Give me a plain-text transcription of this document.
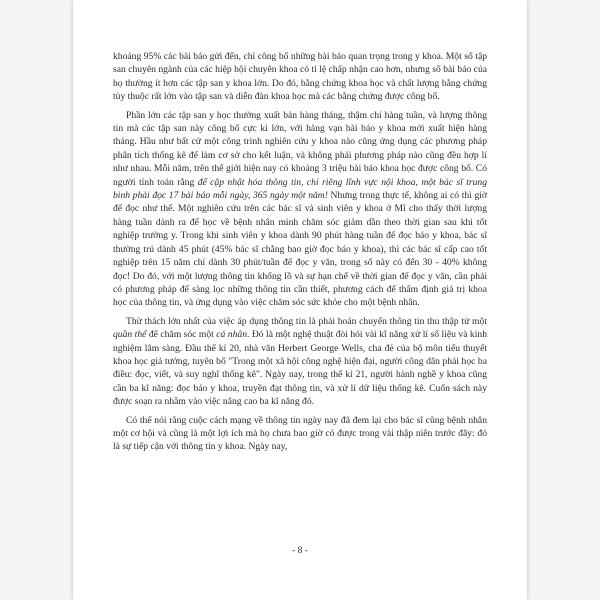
khoảng 95% các bài báo gửi đến, chỉ công bố những bài báo quan trọng trong y khoa. Một số tập san chuyên ngành của các hiệp hội chuyên khoa có tỉ lệ chấp nhận cao hơn, nhưng số bài báo của họ thường ít hơn các tập san y khoa lớn. Do đó, bằng chứng khoa học và chất lượng bằng chứng tùy thuộc rất lớn vào tập san và diễn đàn khoa học mà các bằng chứng được công bố.

Phần lớn các tập san y học thường xuất bản hàng tháng, thậm chí hàng tuần, và lượng thông tin mà các tập san này công bố cực kì lớn, với hàng vạn bài báo y khoa mới xuất hiện hàng tháng. Hầu như bất cứ một công trình nghiên cứu y khoa nào cũng ứng dụng các phương pháp phân tích thống kê để làm cơ sở cho kết luận, và không phải phương pháp nào cũng đều hợp lí như nhau. Mỗi năm, trên thế giới hiện nay có khoảng 3 triệu bài báo khoa học được công bố. Có người tính toán rằng để cập nhật hóa thông tin, chỉ riêng lĩnh vực nội khoa, một bác sĩ trung bình phải đọc 17 bài báo mỗi ngày, 365 ngày một năm! Nhưng trong thực tế, không ai có thì giờ để đọc như thế. Một nghiên cứu trên các bác sĩ và sinh viên y khoa ở Mĩ cho thấy thời lượng hàng tuần dành ra để học về bệnh nhân mình chăm sóc giảm dần theo thời gian sau khi tốt nghiệp trường y. Trong khi sinh viên y khoa dành 90 phút hàng tuần để đọc báo y khoa, bác sĩ thường trú dành 45 phút (45% bác sĩ chẳng bao giờ đọc báo y khoa), thì các bác sĩ cấp cao tốt nghiệp trên 15 năm chỉ dành 30 phút/tuần để đọc y văn, trong số này có đến 30 - 40% không đọc! Do đó, với một lượng thông tin khổng lồ và sự hạn chế về thời gian để đọc y văn, cần phải có phương pháp để sàng lọc những thông tin cần thiết, phương cách để thẩm định giá trị khoa học của thông tin, và ứng dụng vào việc chăm sóc sức khỏe cho một bệnh nhân.

Thử thách lớn nhất của việc áp dụng thông tin là phải hoán chuyển thông tin thu thập từ một quần thể để chăm sóc một cá nhân. Đó là một nghệ thuật đòi hỏi vài kĩ năng xử lí số liệu và kinh nghiệm lâm sàng. Đầu thế kỉ 20, nhà văn Herbert George Wells, cha đẻ của bộ môn tiểu thuyết khoa học giả tưởng, tuyên bố "Trong một xã hội công nghệ hiện đại, người công dân phải học ba điều: đọc, viết, và suy nghĩ thống kê". Ngày nay, trong thế kỉ 21, người hành nghề y khoa cũng cần ba kĩ năng: đọc báo y khoa, truyền đạt thông tin, và xử lí dữ liệu thống kê. Cuốn sách này được soạn ra nhằm vào việc nâng cao ba kĩ năng đó.

Có thể nói rằng cuộc cách mạng về thông tin ngày nay đã đem lại cho bác sĩ cũng bệnh nhân một cơ hội và cũng là một lợi ích mà họ chưa bao giờ có được trong vài thập niên trước đây: đó là sự tiếp cận với thông tin y khoa. Ngày nay,

- 8 -
